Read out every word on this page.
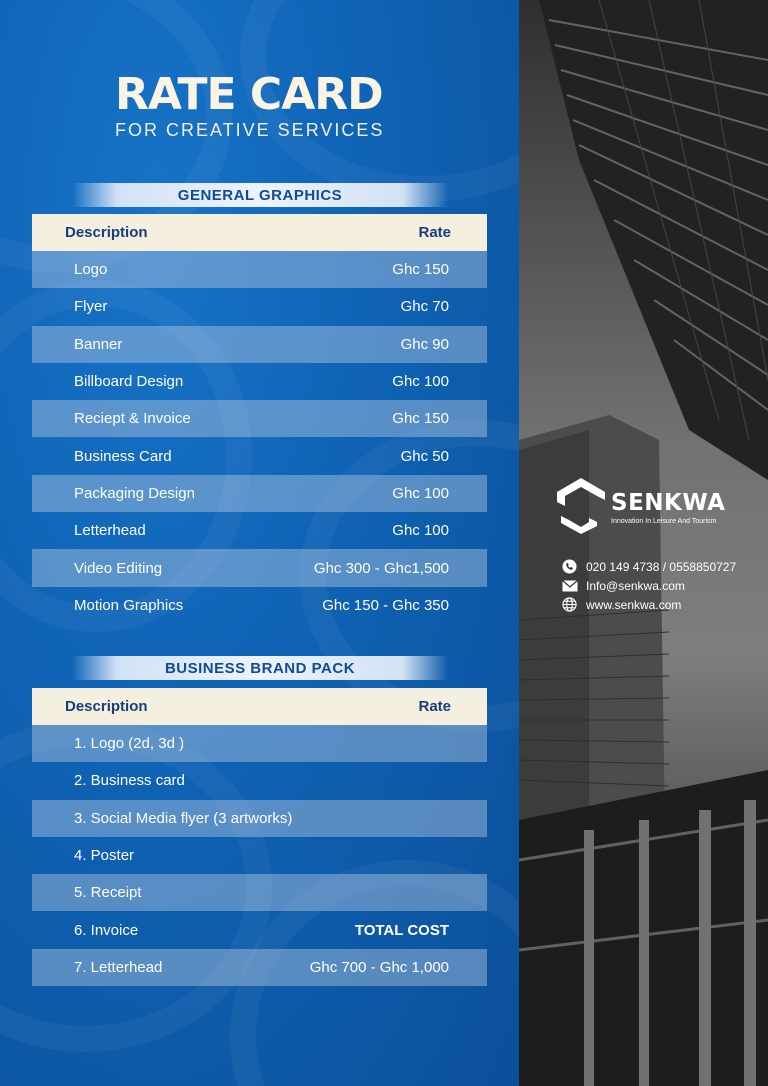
RATE CARD
FOR CREATIVE SERVICES
GENERAL GRAPHICS
Description	Rate
Logo	Ghc 150
Flyer	Ghc 70
Banner	Ghc 90
Billboard Design	Ghc 100
Reciept & Invoice	Ghc 150
Business Card	Ghc 50
Packaging Design	Ghc 100
Letterhead	Ghc 100
Video Editing	Ghc 300 - Ghc1,500
Motion Graphics	Ghc 150 - Ghc 350
BUSINESS BRAND PACK
Description	Rate
1. Logo (2d, 3d )
2. Business card
3. Social Media flyer (3 artworks)
4. Poster
5. Receipt
6. Invoice	TOTAL COST
7. Letterhead	Ghc 700 - Ghc 1,000
SENKWA
Innovation In Leisure And Tourism
020 149 4738 / 0558850727
Info@senkwa.com
www.senkwa.com
